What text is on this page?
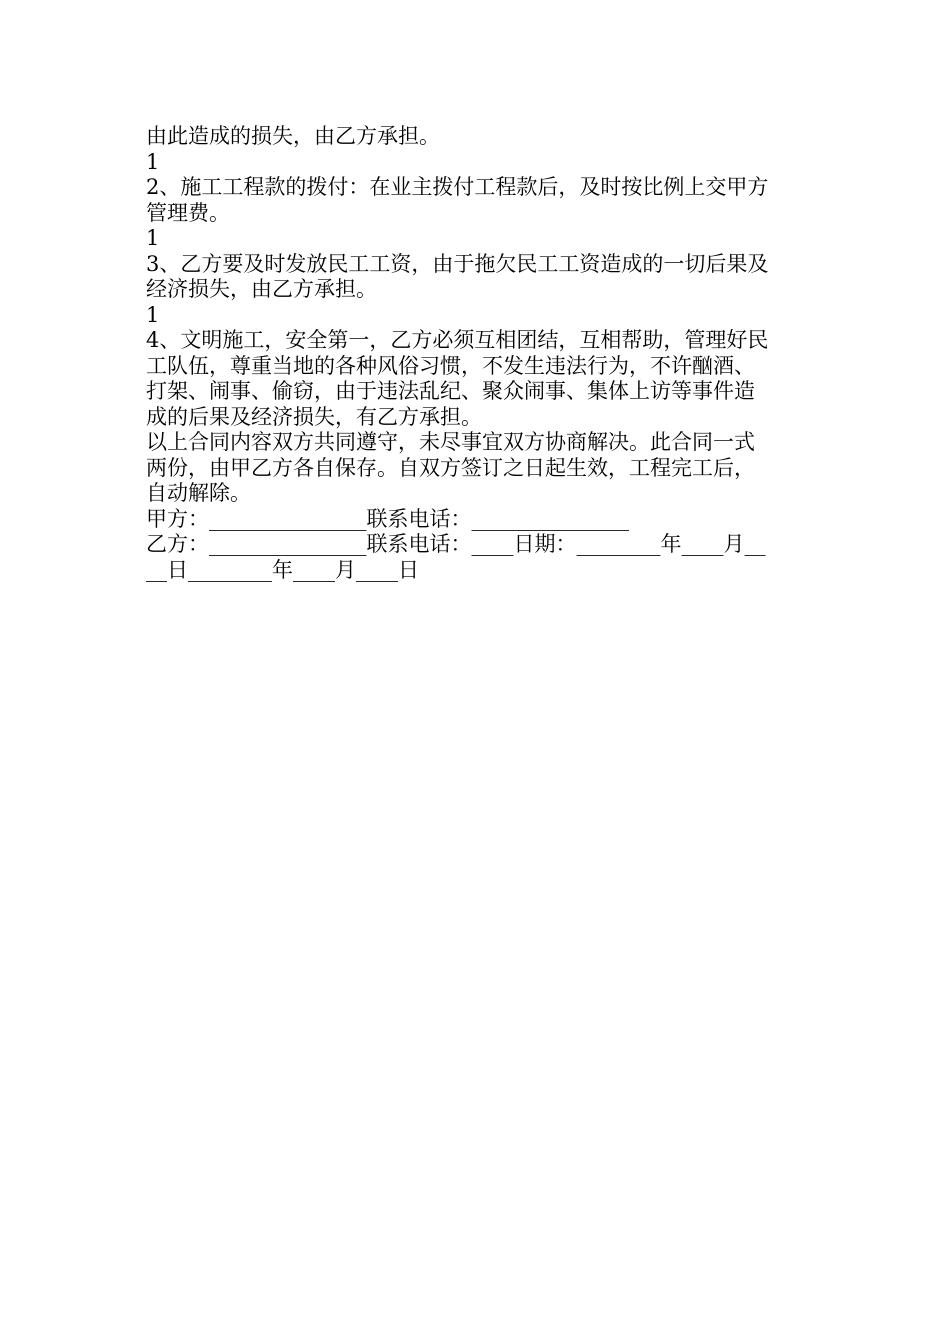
由此造成的损失，由乙方承担。

1

2、施工工程款的拨付：在业主拨付工程款后，及时按比例上交甲方

管理费。

1

3、乙方要及时发放民工工资，由于拖欠民工工资造成的一切后果及

经济损失，由乙方承担。

1

4、文明施工，安全第一，乙方必须互相团结，互相帮助，管理好民

工队伍，尊重当地的各种风俗习惯，不发生违法行为，不许酗酒、

打架、闹事、偷窃，由于违法乱纪、聚众闹事、集体上访等事件造

成的后果及经济损失，有乙方承担。

以上合同内容双方共同遵守，未尽事宜双方协商解决。此合同一式

两份，由甲乙方各自保存。自双方签订之日起生效，工程完工后，

自动解除。

甲方：_______________联系电话：_______________

乙方：_______________联系电话：____日期：________年____月__

__日________年____月____日
